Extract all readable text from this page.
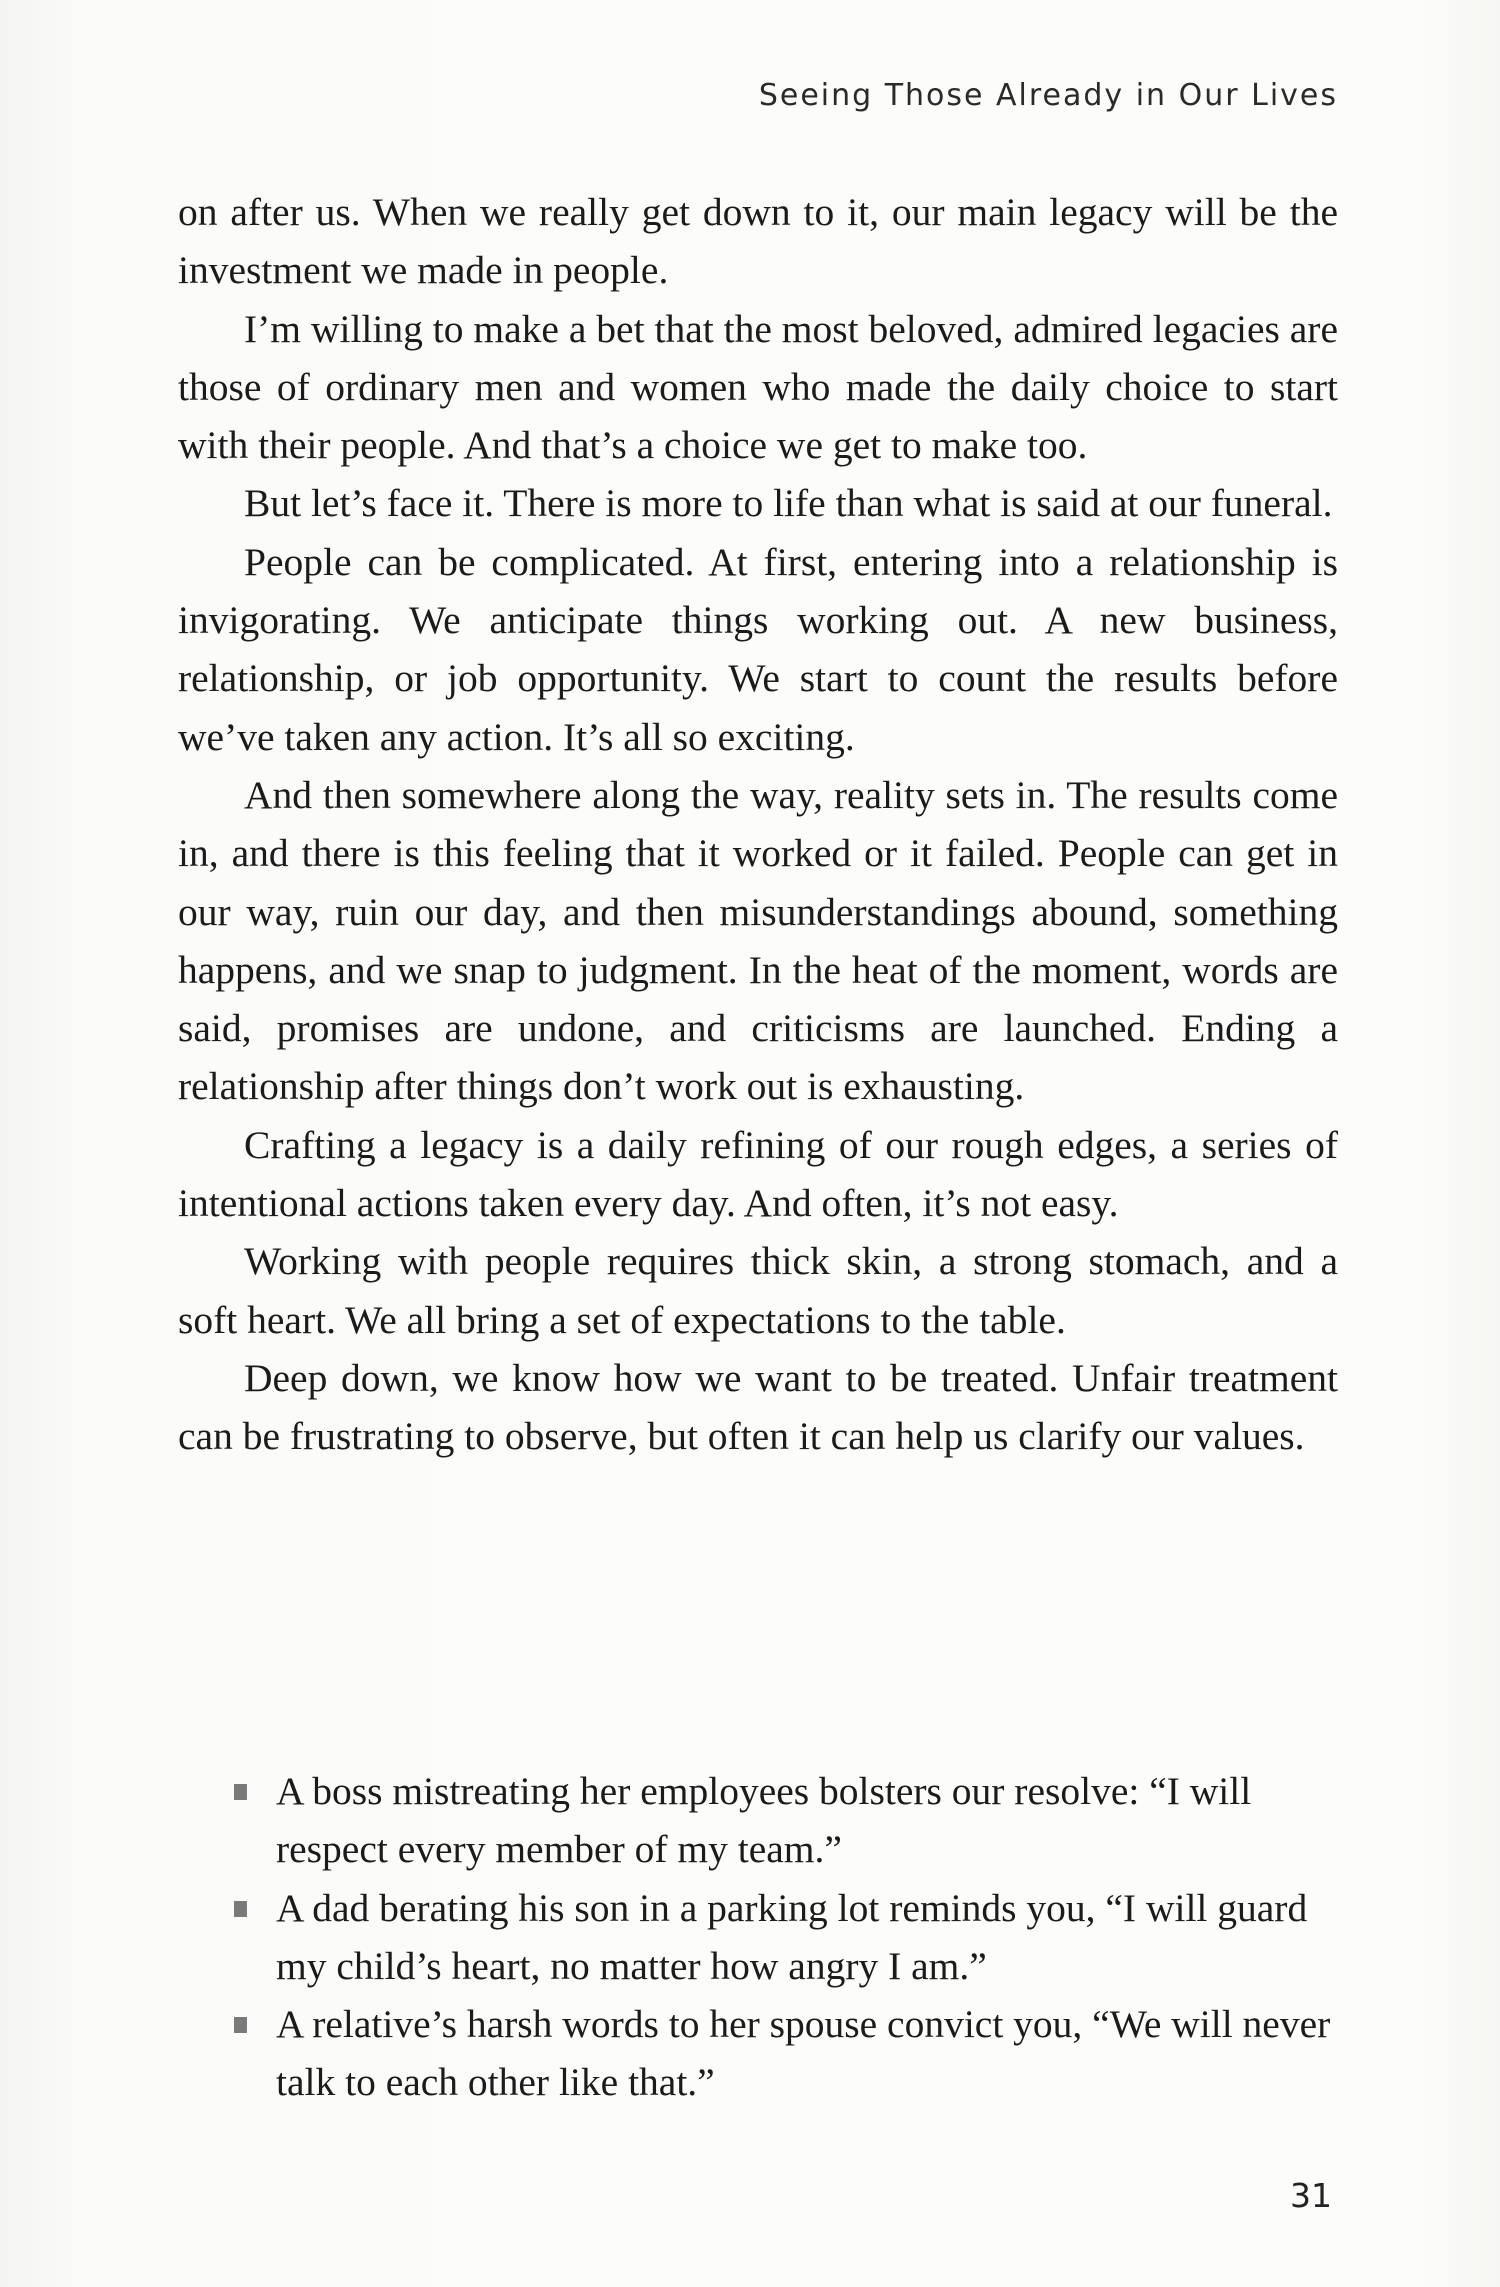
Seeing Those Already in Our Lives

on after us. When we really get down to it, our main legacy will be the investment we made in people.

I’m willing to make a bet that the most beloved, admired legacies are those of ordinary men and women who made the daily choice to start with their people. And that’s a choice we get to make too.

But let’s face it. There is more to life than what is said at our funeral.

People can be complicated. At first, entering into a relationship is invigorating. We anticipate things working out. A new business, relationship, or job opportunity. We start to count the results before we’ve taken any action. It’s all so exciting.

And then somewhere along the way, reality sets in. The results come in, and there is this feeling that it worked or it failed. People can get in our way, ruin our day, and then misunderstandings abound, something happens, and we snap to judgment. In the heat of the moment, words are said, promises are undone, and criticisms are launched. Ending a relationship after things don’t work out is exhausting.

Crafting a legacy is a daily refining of our rough edges, a series of intentional actions taken every day. And often, it’s not easy.

Working with people requires thick skin, a strong stomach, and a soft heart. We all bring a set of expectations to the table.

Deep down, we know how we want to be treated. Unfair treatment can be frustrating to observe, but often it can help us clarify our values.

A boss mistreating her employees bolsters our resolve: “I will respect every member of my team.”
A dad berating his son in a parking lot reminds you, “I will guard my child’s heart, no matter how angry I am.”
A relative’s harsh words to her spouse convict you, “We will never talk to each other like that.”
31
